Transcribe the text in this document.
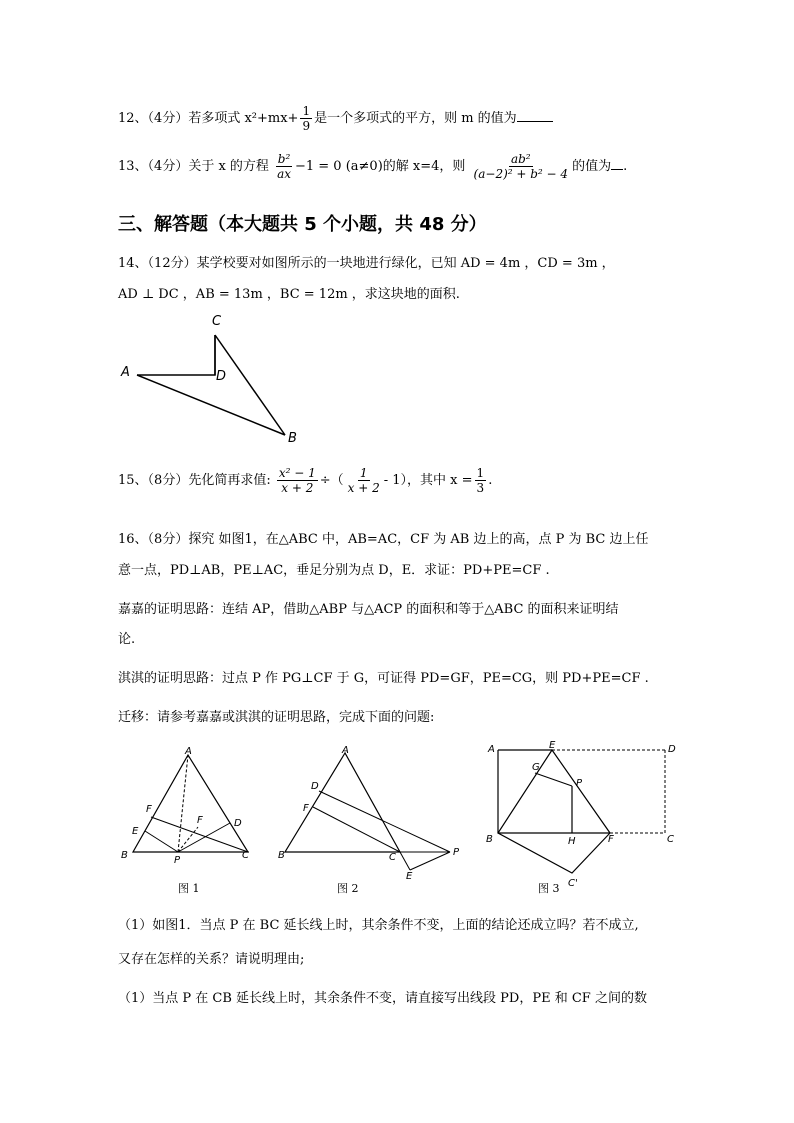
12、（4分）若多项式 $x^2+mx+ \frac{1}{9}$ 是一个多项式的平方，则 m 的值为
13、（4分）关于 x 的方程 $\frac{\text{b²}}{ax} -1 = 0$ (a≠0)的解 x=4，则 $\frac{\text{ab²}}{\text{(a−2)² + b² − 4}}$ 的值为 .
三、解答题（本大题共 5 个小题，共 48 分）
14、（12分）某学校要对如图所示的一块地进行绿化，已知 AD = 4m ，CD = 3m ，
AD ⊥ DC ，AB = 13m ，BC = 12m ，求这块地的面积.
C
A	D
B
15、（8分）先化简再求值: $\frac{\text{x² − 1}}{x + 2}$ ÷（ $\frac{1}{x + 2} - 1$），其中 $x = \frac{1}{3}$ .
16、（8分）探究 如图1，在△ABC 中，AB=AC，CF 为 AB 边上的高，点 P 为 BC 边上任
意一点，PD⊥AB，PE⊥AC，垂足分别为点 D，E．求证：PD+PE=CF .
嘉嘉的证明思路：连结 AP，借助△ABP 与△ACP 的面积和等于△ABC 的面积来证明结
论.
淇淇的证明思路：过点 P 作 PG⊥CF 于 G，可证得 PD=GF，PE=CG，则 PD+PE=CF .
迁移：请参考嘉嘉或淇淇的证明思路，完成下面的问题:
A
B	C
P
F
E
D
F
图 1
A
B	C	P
D
F
E
图 2
A	E	D
B	C
P
G
H	F
C'
图 3
（1）如图1．当点 P 在 BC 延长线上时，其余条件不变，上面的结论还成立吗？若不成立,
又存在怎样的关系？请说明理由;
（1）当点 P 在 CB 延长线上时，其余条件不变，请直接写出线段 PD，PE 和 CF 之间的数
